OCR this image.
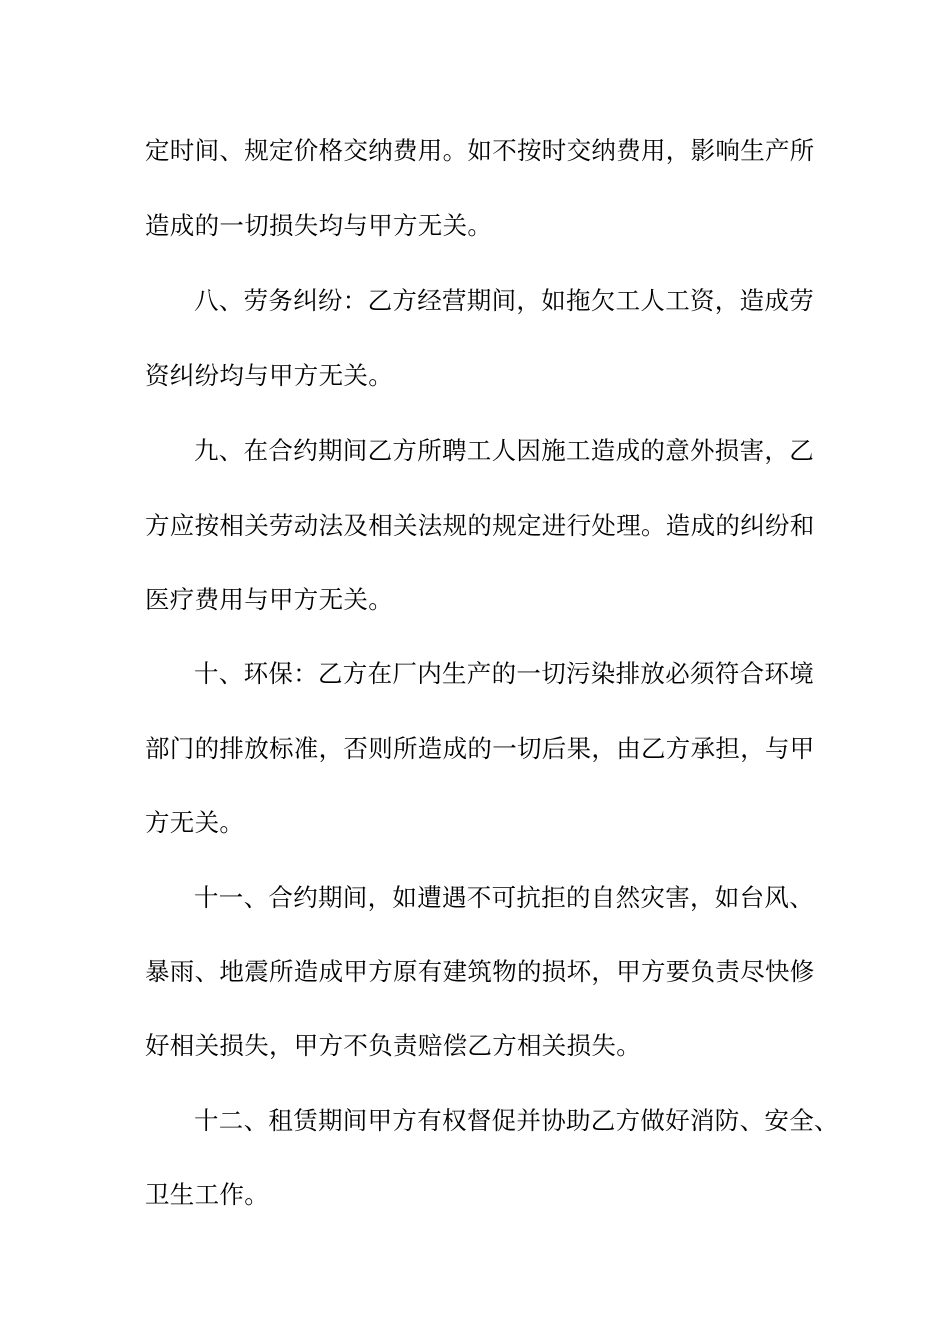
定时间、规定价格交纳费用。如不按时交纳费用，影响生产所
造成的一切损失均与甲方无关。
八、劳务纠纷：乙方经营期间，如拖欠工人工资，造成劳
资纠纷均与甲方无关。
九、在合约期间乙方所聘工人因施工造成的意外损害，乙
方应按相关劳动法及相关法规的规定进行处理。造成的纠纷和
医疗费用与甲方无关。
十、环保：乙方在厂内生产的一切污染排放必须符合环境
部门的排放标准，否则所造成的一切后果，由乙方承担，与甲
方无关。
十一、合约期间，如遭遇不可抗拒的自然灾害，如台风、
暴雨、地震所造成甲方原有建筑物的损坏，甲方要负责尽快修
好相关损失，甲方不负责赔偿乙方相关损失。
十二、租赁期间甲方有权督促并协助乙方做好消防、安全、
卫生工作。
